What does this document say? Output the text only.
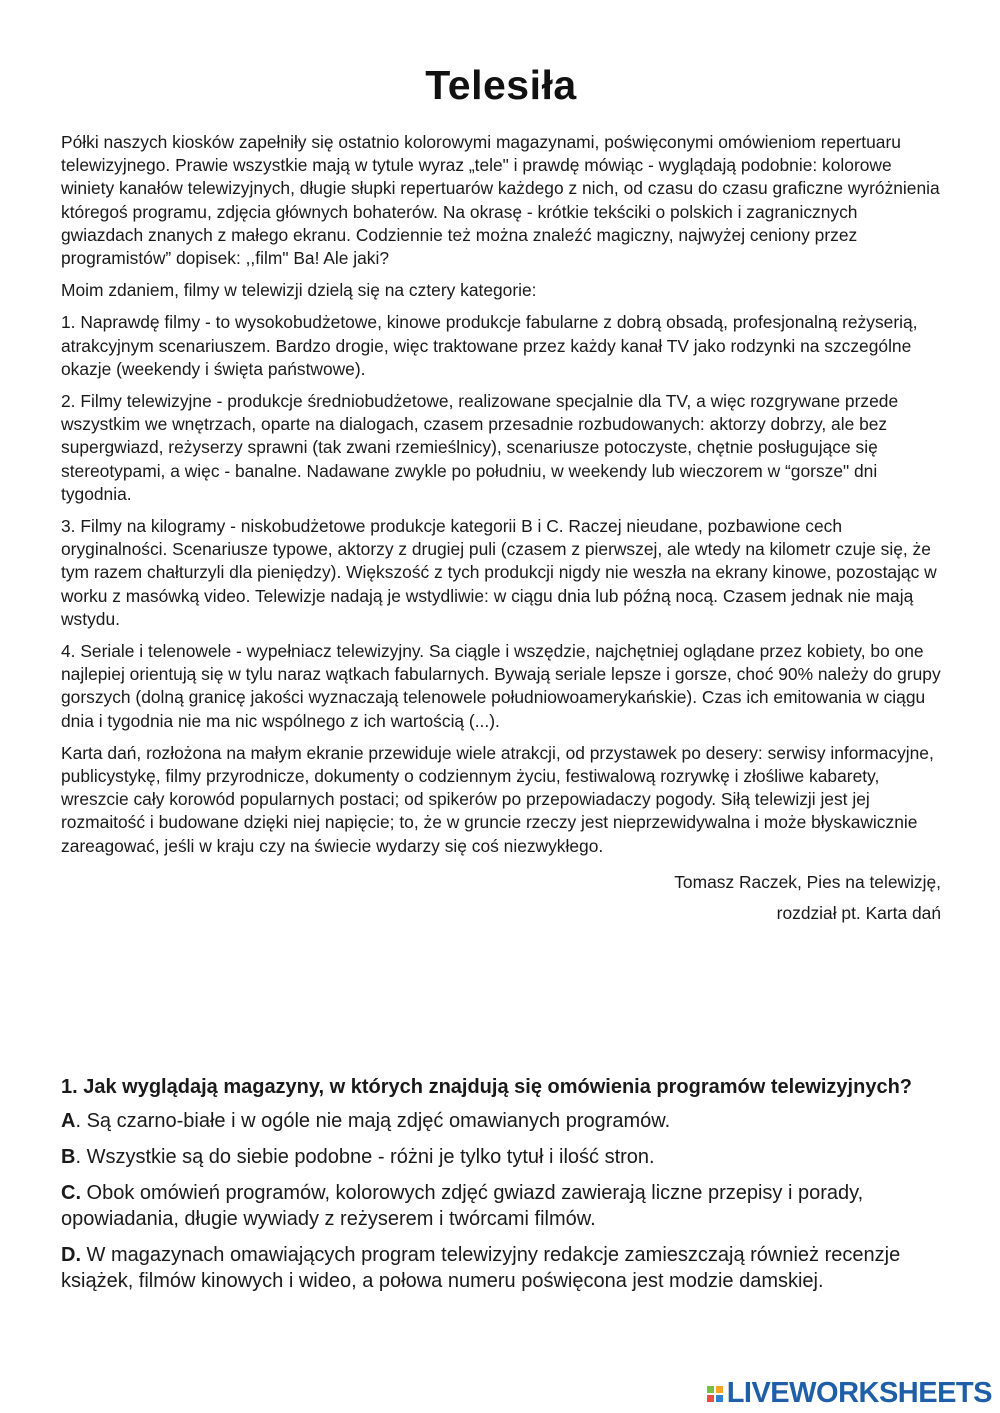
Telesiła

Półki naszych kiosków zapełniły się ostatnio kolorowymi magazynami, poświęconymi omówieniom repertuaru telewizyjnego. Prawie wszystkie mają w tytule wyraz „tele" i prawdę mówiąc - wyglądają podobnie: kolorowe winiety kanałów telewizyjnych, długie słupki repertuarów każdego z nich, od czasu do czasu graficzne wyróżnienia któregoś programu, zdjęcia głównych bohaterów. Na okrasę - krótkie tekściki o polskich i zagranicznych gwiazdach znanych z małego ekranu. Codziennie też można znaleźć magiczny, najwyżej ceniony przez programistów” dopisek: ,,film" Ba! Ale jaki?

Moim zdaniem, filmy w telewizji dzielą się na cztery kategorie:

1. Naprawdę filmy - to wysokobudżetowe, kinowe produkcje fabularne z dobrą obsadą, profesjonalną reżyserią, atrakcyjnym scenariuszem. Bardzo drogie, więc traktowane przez każdy kanał TV jako rodzynki na szczególne okazje (weekendy i święta państwowe).

2. Filmy telewizyjne - produkcje średniobudżetowe, realizowane specjalnie dla TV, a więc rozgrywane przede wszystkim we wnętrzach, oparte na dialogach, czasem przesadnie rozbudowanych: aktorzy dobrzy, ale bez supergwiazd, reżyserzy sprawni (tak zwani rzemieślnicy), scenariusze potoczyste, chętnie posługujące się stereotypami, a więc - banalne. Nadawane zwykle po południu, w weekendy lub wieczorem w “gorsze" dni tygodnia.

3. Filmy na kilogramy - niskobudżetowe produkcje kategorii B i C. Raczej nieudane, pozbawione cech oryginalności. Scenariusze typowe, aktorzy z drugiej puli (czasem z pierwszej, ale wtedy na kilometr czuje się, że tym razem chałturzyli dla pieniędzy). Większość z tych produkcji nigdy nie weszła na ekrany kinowe, pozostając w worku z masówką video. Telewizje nadają je wstydliwie: w ciągu dnia lub późną nocą. Czasem jednak nie mają wstydu.

4. Seriale i telenowele - wypełniacz telewizyjny. Sa ciągle i wszędzie, najchętniej oglądane przez kobiety, bo one najlepiej orientują się w tylu naraz wątkach fabularnych. Bywają seriale lepsze i gorsze, choć 90% należy do grupy gorszych (dolną granicę jakości wyznaczają telenowele południowoamerykańskie). Czas ich emitowania w ciągu dnia i tygodnia nie ma nic wspólnego z ich wartością (...).

Karta dań, rozłożona na małym ekranie przewiduje wiele atrakcji, od przystawek po desery: serwisy informacyjne, publicystykę, filmy przyrodnicze, dokumenty o codziennym życiu, festiwalową rozrywkę i złośliwe kabarety, wreszcie cały korowód popularnych postaci; od spikerów po przepowiadaczy pogody. Siłą telewizji jest jej rozmaitość i budowane dzięki niej napięcie; to, że w gruncie rzeczy jest nieprzewidywalna i może błyskawicznie zareagować, jeśli w kraju czy na świecie wydarzy się coś niezwykłego.

Tomasz Raczek, Pies na telewizję,
rozdział pt. Karta dań

1. Jak wyglądają magazyny, w których znajdują się omówienia programów telewizyjnych?

A. Są czarno-białe i w ogóle nie mają zdjęć omawianych programów.

B. Wszystkie są do siebie podobne - różni je tylko tytuł i ilość stron.

C. Obok omówień programów, kolorowych zdjęć gwiazd zawierają liczne przepisy i porady, opowiadania, długie wywiady z reżyserem i twórcami filmów.

D. W magazynach omawiających program telewizyjny redakcje zamieszczają również recenzje książek, filmów kinowych i wideo, a połowa numeru poświęcona jest modzie damskiej.

LIVEWORKSHEETS
